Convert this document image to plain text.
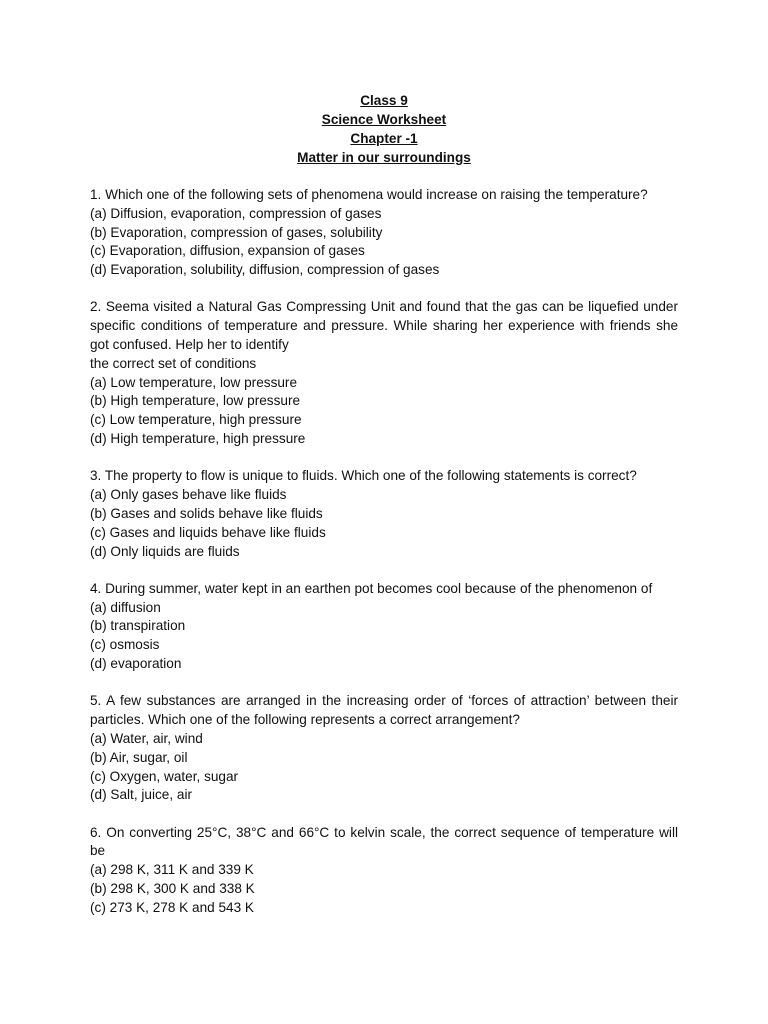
Class 9

Science Worksheet

Chapter -1

Matter in our surroundings

1. Which one of the following sets of phenomena would increase on raising the temperature?

(a) Diffusion, evaporation, compression of gases

(b) Evaporation, compression of gases, solubility

(c) Evaporation, diffusion, expansion of gases

(d) Evaporation, solubility, diffusion, compression of gases

2. Seema visited a Natural Gas Compressing Unit and found that the gas can be liquefied under specific conditions of temperature and pressure. While sharing her experience with friends she got confused. Help her to identify

the correct set of conditions

(a) Low temperature, low pressure

(b) High temperature, low pressure

(c) Low temperature, high pressure

(d) High temperature, high pressure

3. The property to flow is unique to fluids. Which one of the following statements is correct?

(a) Only gases behave like fluids

(b) Gases and solids behave like fluids

(c) Gases and liquids behave like fluids

(d) Only liquids are fluids

4. During summer, water kept in an earthen pot becomes cool because of the phenomenon of

(a) diffusion

(b) transpiration

(c) osmosis

(d) evaporation

5. A few substances are arranged in the increasing order of ‘forces of attraction’ between their particles. Which one of the following represents a correct arrangement?

(a) Water, air, wind

(b) Air, sugar, oil

(c) Oxygen, water, sugar

(d) Salt, juice, air

6. On converting 25°C, 38°C and 66°C to kelvin scale, the correct sequence of temperature will be

(a) 298 K, 311 K and 339 K

(b) 298 K, 300 K and 338 K

(c) 273 K, 278 K and 543 K
